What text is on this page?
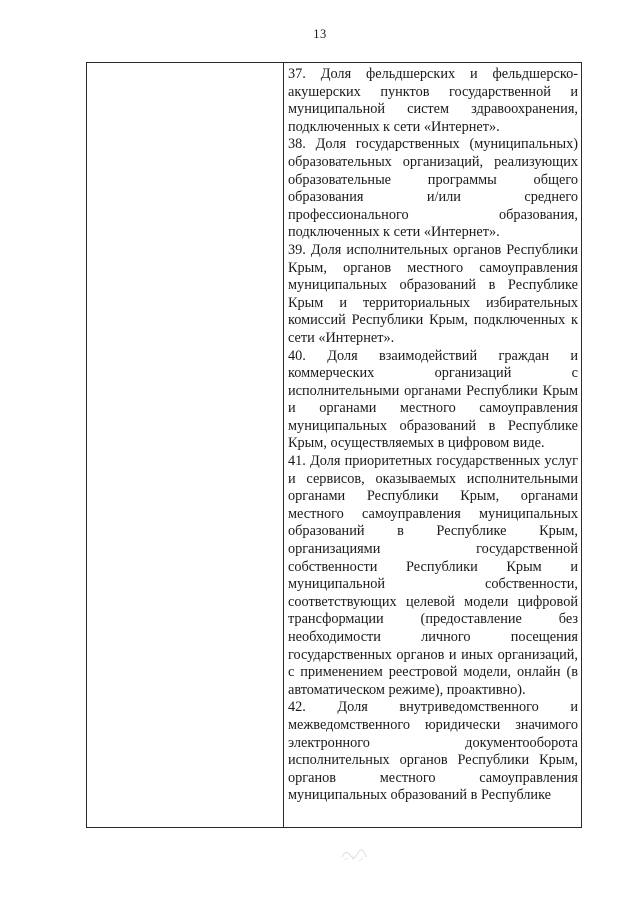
13

37. Доля фельдшерских и фельдшерско-акушерских пунктов государственной и муниципальной систем здравоохранения, подключенных к сети «Интернет».

38. Доля государственных (муниципальных) образовательных организаций, реализующих образовательные программы общего образования и/или среднего профессионального образования, подключенных к сети «Интернет».

39. Доля исполнительных органов Республики Крым, органов местного самоуправления муниципальных образований в Республике Крым и территориальных избирательных комиссий Республики Крым, подключенных к сети «Интернет».

40. Доля взаимодействий граждан и коммерческих организаций с исполнительными органами Республики Крым и органами местного самоуправления муниципальных образований в Республике Крым, осуществляемых в цифровом виде.

41. Доля приоритетных государственных услуг и сервисов, оказываемых исполнительными органами Республики Крым, органами местного самоуправления муниципальных образований в Республике Крым, организациями государственной собственности Республики Крым и муниципальной собственности, соответствующих целевой модели цифровой трансформации (предоставление без необходимости личного посещения государственных органов и иных организаций, с применением реестровой модели, онлайн (в автоматическом режиме), проактивно).

42. Доля внутриведомственного и межведомственного юридически значимого электронного документооборота исполнительных органов Республики Крым, органов местного самоуправления муниципальных образований в Республике
